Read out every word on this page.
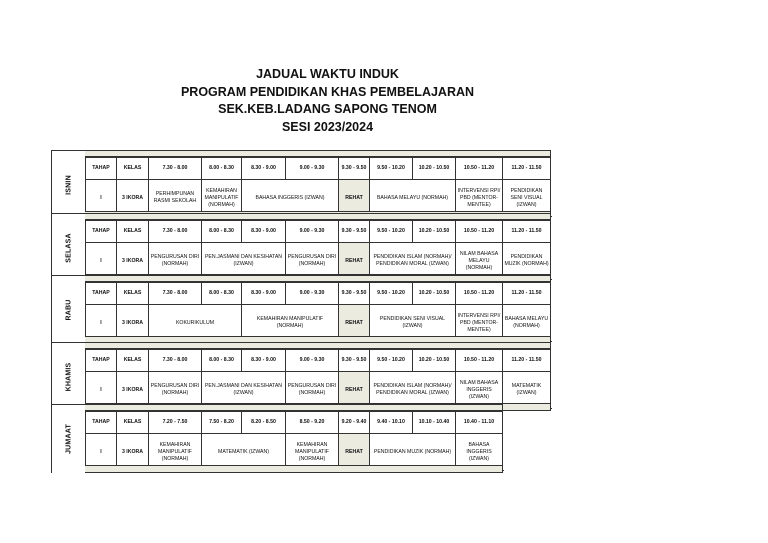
JADUAL WAKTU INDUK
PROGRAM PENDIDIKAN KHAS PEMBELAJARAN
SEK.KEB.LADANG SAPONG TENOM
SESI 2023/2024
ISNIN
TAHAP	KELAS	7.30 - 8.00	8.00 - 8.30	8.30 - 9.00	9.00 - 9.30	9.30 - 9.50	9.50 - 10.20	10.20 - 10.50	10.50 - 11.20	11.20 - 11.50	
I	3 IKORA	PERHIMPUNAN RASMI SEKOLAH	KEMAHIRAN MANIPULATIF (NORMAH)	BAHASA INGGERIS (IZWAN)		REHAT	BAHASA MELAYU (NORMAH)		INTERVENSI RPI/ PBD (MENTOR-MENTEE)	PENDIDIKAN SENI VISUAL (IZWAN)	
SELASA
TAHAP	KELAS	7.30 - 8.00	8.00 - 8.30	8.30 - 9.00	9.00 - 9.30	9.30 - 9.50	9.50 - 10.20	10.20 - 10.50	10.50 - 11.20	11.20 - 11.50	
I	3 IKORA	PENGURUSAN DIRI (NORMAH)	PEN.JASMANI DAN KESIHATAN (IZWAN)		PENGURUSAN DIRI (NORMAH)	REHAT	PENDIDIKAN ISLAM (NORMAH)/ PENDIDIKAN MORAL (IZWAN)		NILAM BAHASA MELAYU (NORMAH)	PENDIDIKAN MUZIK (NORMAH)	
RABU
TAHAP	KELAS	7.30 - 8.00	8.00 - 8.30	8.30 - 9.00	9.00 - 9.30	9.30 - 9.50	9.50 - 10.20	10.20 - 10.50	10.50 - 11.20	11.20 - 11.50	
I	3 IKORA	KOKURIKULUM		KEMAHIRAN MANIPULATIF (NORMAH)		REHAT	PENDIDIKAN SENI VISUAL (IZWAN)		INTERVENSI RPI/ PBD (MENTOR-MENTEE)	BAHASA MELAYU (NORMAH)	
KHAMIS
TAHAP	KELAS	7.30 - 8.00	8.00 - 8.30	8.30 - 9.00	9.00 - 9.30	9.30 - 9.50	9.50 - 10.20	10.20 - 10.50	10.50 - 11.20	11.20 - 11.50	
I	3 IKORA	PENGURUSAN DIRI (NORMAH)	PEN.JASMANI DAN KESIHATAN (IZWAN)		PENGURUSAN DIRI (NORMAH)	REHAT	PENDIDIKAN ISLAM (NORMAH)/ PENDIDIKAN MORAL (IZWAN)		NILAM BAHASA INGGERIS (IZWAN)	MATEMATIK (IZWAN)	
JUMAAT
TAHAP	KELAS	7.20 - 7.50	7.50 - 8.20	8.20 - 8.50	8.50 - 9.20	9.20 - 9.40	9.40 - 10.10	10.10 - 10.40	10.40 - 11.10	
I	3 IKORA	KEMAHIRAN MANIPULATIF (NORMAH)	MATEMATIK (IZWAN)		KEMAHIRAN MANIPULATIF (NORMAH)	REHAT	PENDIDIKAN MUZIK (NORMAH)		BAHASA INGGERIS (IZWAN)	
